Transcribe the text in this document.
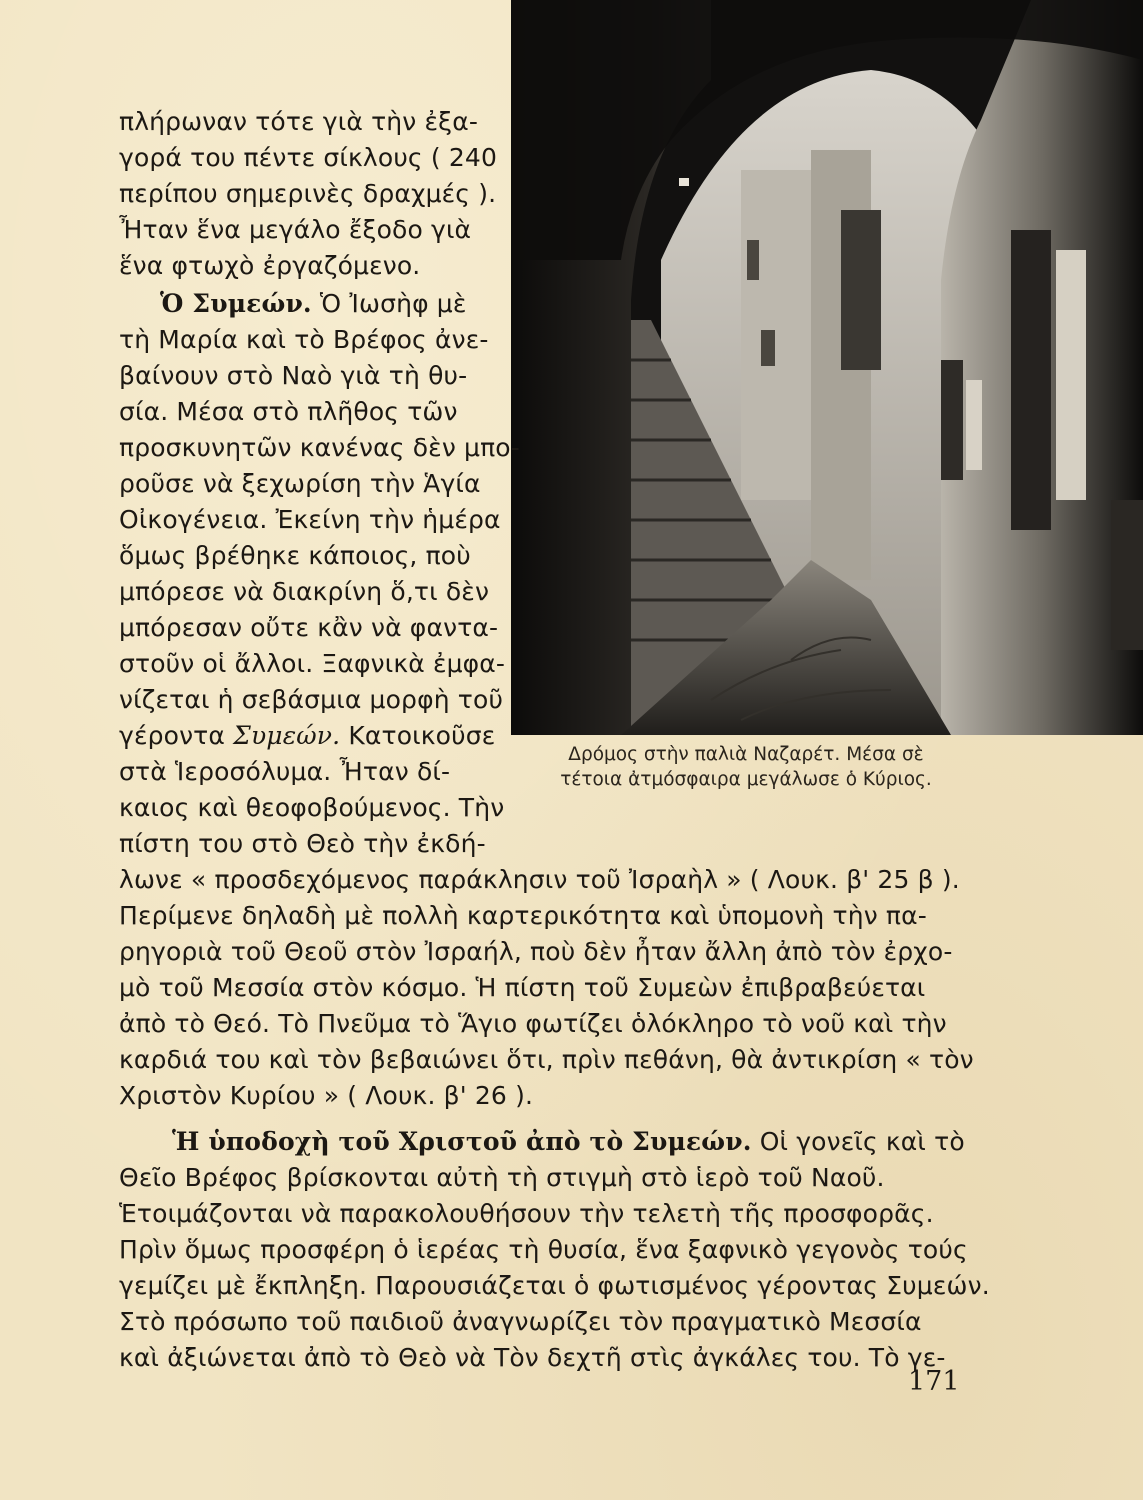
Δρόμος στὴν παλιὰ Ναζαρέτ. Μέσα σὲ
τέτοια ἀτμόσφαιρα μεγάλωσε ὁ Κύριος.
πλήρωναν τότε γιὰ τὴν ἐξα-
γορά του πέντε σίκλους ( 240
περίπου σημερινὲς δραχμές ).
Ἦταν ἕνα μεγάλο ἔξοδο γιὰ
ἕνα φτωχὸ ἐργαζόμενο.
Ὁ Συμεών. Ὁ Ἰωσὴφ μὲ
τὴ Μαρία καὶ τὸ Βρέφος ἀνε-
βαίνουν στὸ Ναὸ γιὰ τὴ θυ-
σία. Μέσα στὸ πλῆθος τῶν
προσκυνητῶν κανένας δὲν μπο-
ροῦσε νὰ ξεχωρίση τὴν Ἁγία
Οἰκογένεια. Ἐκείνη τὴν ἡμέρα
ὅμως βρέθηκε κάποιος, ποὺ
μπόρεσε νὰ διακρίνη ὅ,τι δὲν
μπόρεσαν οὔτε κἂν νὰ φαντα-
στοῦν οἱ ἄλλοι. Ξαφνικὰ ἐμφα-
νίζεται ἡ σεβάσμια μορφὴ τοῦ
γέροντα Συμεών. Κατοικοῦσε
στὰ Ἱεροσόλυμα. Ἦταν δί-
καιος καὶ θεοφοβούμενος. Τὴν
πίστη του στὸ Θεὸ τὴν ἐκδή-
λωνε « προσδεχόμενος παράκλησιν τοῦ Ἰσραὴλ » ( Λουκ. β' 25 β ).
Περίμενε δηλαδὴ μὲ πολλὴ καρτερικότητα καὶ ὑπομονὴ τὴν πα-
ρηγοριὰ τοῦ Θεοῦ στὸν Ἰσραήλ, ποὺ δὲν ἦταν ἄλλη ἀπὸ τὸν ἐρχο-
μὸ τοῦ Μεσσία στὸν κόσμο. Ἡ πίστη τοῦ Συμεὼν ἐπιβραβεύεται
ἀπὸ τὸ Θεό. Τὸ Πνεῦμα τὸ Ἅγιο φωτίζει ὁλόκληρο τὸ νοῦ καὶ τὴν
καρδιά του καὶ τὸν βεβαιώνει ὅτι, πρὶν πεθάνη, θὰ ἀντικρίση « τὸν
Χριστὸν Κυρίου » ( Λουκ. β' 26 ).
Ἡ ὑποδοχὴ τοῦ Χριστοῦ ἀπὸ τὸ Συμεών. Οἱ γονεῖς καὶ τὸ
Θεῖο Βρέφος βρίσκονται αὐτὴ τὴ στιγμὴ στὸ ἱερὸ τοῦ Ναοῦ.
Ἑτοιμάζονται νὰ παρακολουθήσουν τὴν τελετὴ τῆς προσφορᾶς.
Πρὶν ὅμως προσφέρη ὁ ἱερέας τὴ θυσία, ἕνα ξαφνικὸ γεγονὸς τούς
γεμίζει μὲ ἔκπληξη. Παρουσιάζεται ὁ φωτισμένος γέροντας Συμεών.
Στὸ πρόσωπο τοῦ παιδιοῦ ἀναγνωρίζει τὸν πραγματικὸ Μεσσία
καὶ ἀξιώνεται ἀπὸ τὸ Θεὸ νὰ Τὸν δεχτῆ στὶς ἀγκάλες του. Τὸ γε-
171
